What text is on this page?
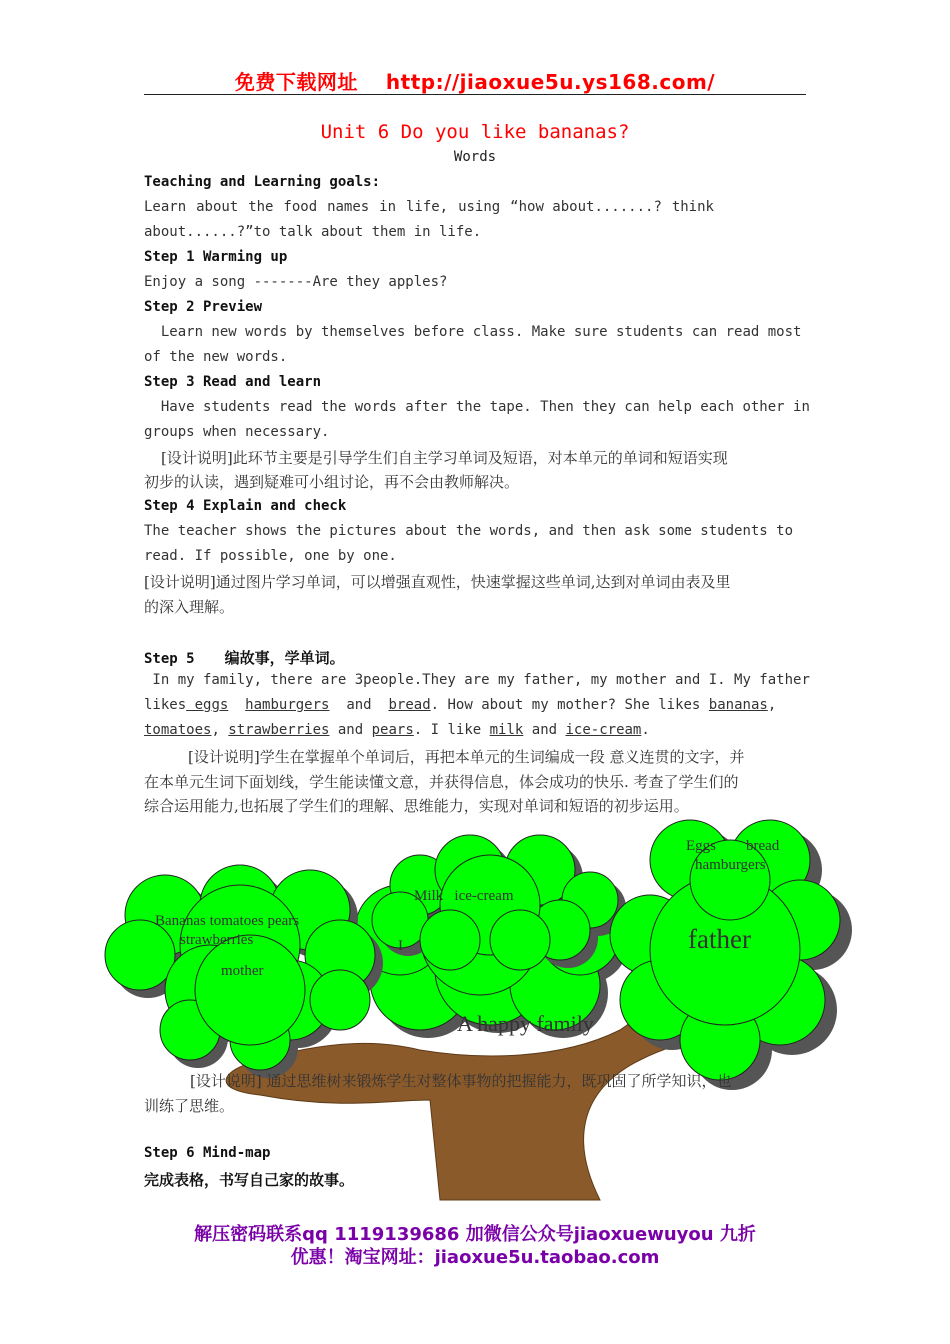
免费下载网址 http://jiaoxue5u.ys168.com/
Unit 6 Do you like bananas?
Words
Teaching and Learning goals:
Learn about the food names in life, using “how about.......? think
about......?”to talk about them in life.
Step 1 Warming up
Enjoy a song -------Are they apples?
Step 2 Preview
Learn new words by themselves before class. Make sure students can read most
of the new words.
Step 3 Read and learn
Have students read the words after the tape. Then they can help each other in
groups when necessary.
[设计说明]此环节主要是引导学生们自主学习单词及短语，对本单元的单词和短语实现
初步的认读，遇到疑难可小组讨论，再不会由教师解决。
Step 4 Explain and check
The teacher shows the pictures about the words, and then ask some students to
read. If possible, one by one.
[设计说明]通过图片学习单词，可以增强直观性，快速掌握这些单词,达到对单词由表及里
的深入理解。
Step 5 编故事，学单词。
In my family, there are 3people.They are my father, my mother and I. My father
likes eggs hamburgers and bread. How about my mother? She likes bananas,
tomatoes, strawberries and pears. I like milk and ice-cream.
[设计说明]学生在掌握单个单词后，再把本单元的生词编成一段 意义连贯的文字，并
在本单元生词下面划线，学生能读懂文意，并获得信息，体会成功的快乐. 考查了学生们的
综合运用能力,也拓展了学生们的理解、思维能力，实现对单词和短语的初步运用。
Eggs bread
hamburgers
father
Milk   ice-cream
I
Bananas tomatoes pears
strawberries
mother
A happy family
[设计说明] 通过思维树来锻炼学生对整体事物的把握能力，既巩固了所学知识，也
训练了思维。
Step 6 Mind-map
完成表格，书写自己家的故事。
解压密码联系qq 1119139686 加微信公众号jiaoxuewuyou 九折
优惠！淘宝网址：jiaoxue5u.taobao.com
